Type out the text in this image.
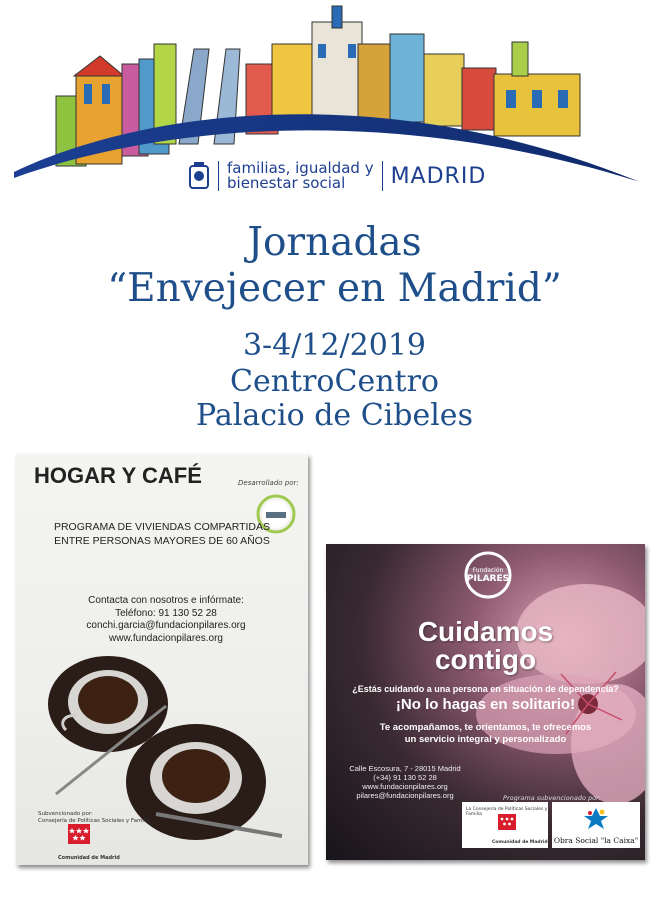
familias, igualdad y
bienestar social	MADRID
Jornadas
“Envejecer en Madrid”
3-4/12/2019
CentroCentro
Palacio de Cibeles
HOGAR Y CAFÉ	Desarrollado por:
PROGRAMA DE VIVIENDAS COMPARTIDAS
ENTRE PERSONAS MAYORES DE 60 AÑOS
Contacta con nosotros e infórmate:
Teléfono: 91 130 52 28
conchi.garcia@fundacionpilares.org
www.fundacionpilares.org
Subvencionado por:
Consejería de Políticas Sociales y Familia
Comunidad de Madrid
Fundación
PILARES
Cuidamos
contigo
¿Estás cuidando a una persona en situación de dependencia?
¡No lo hagas en solitario!
Te acompañamos, te orientamos, te ofrecemos
un servicio integral y personalizado
Calle Escosura, 7 - 28015 Madrid
(+34) 91 130 52 28
www.fundacionpilares.org
pilares@fundacionpilares.org	Programa subvencionado por:
La Consejería de Políticas Sociales y Familia
Comunidad de Madrid Obra Social "la Caixa"
